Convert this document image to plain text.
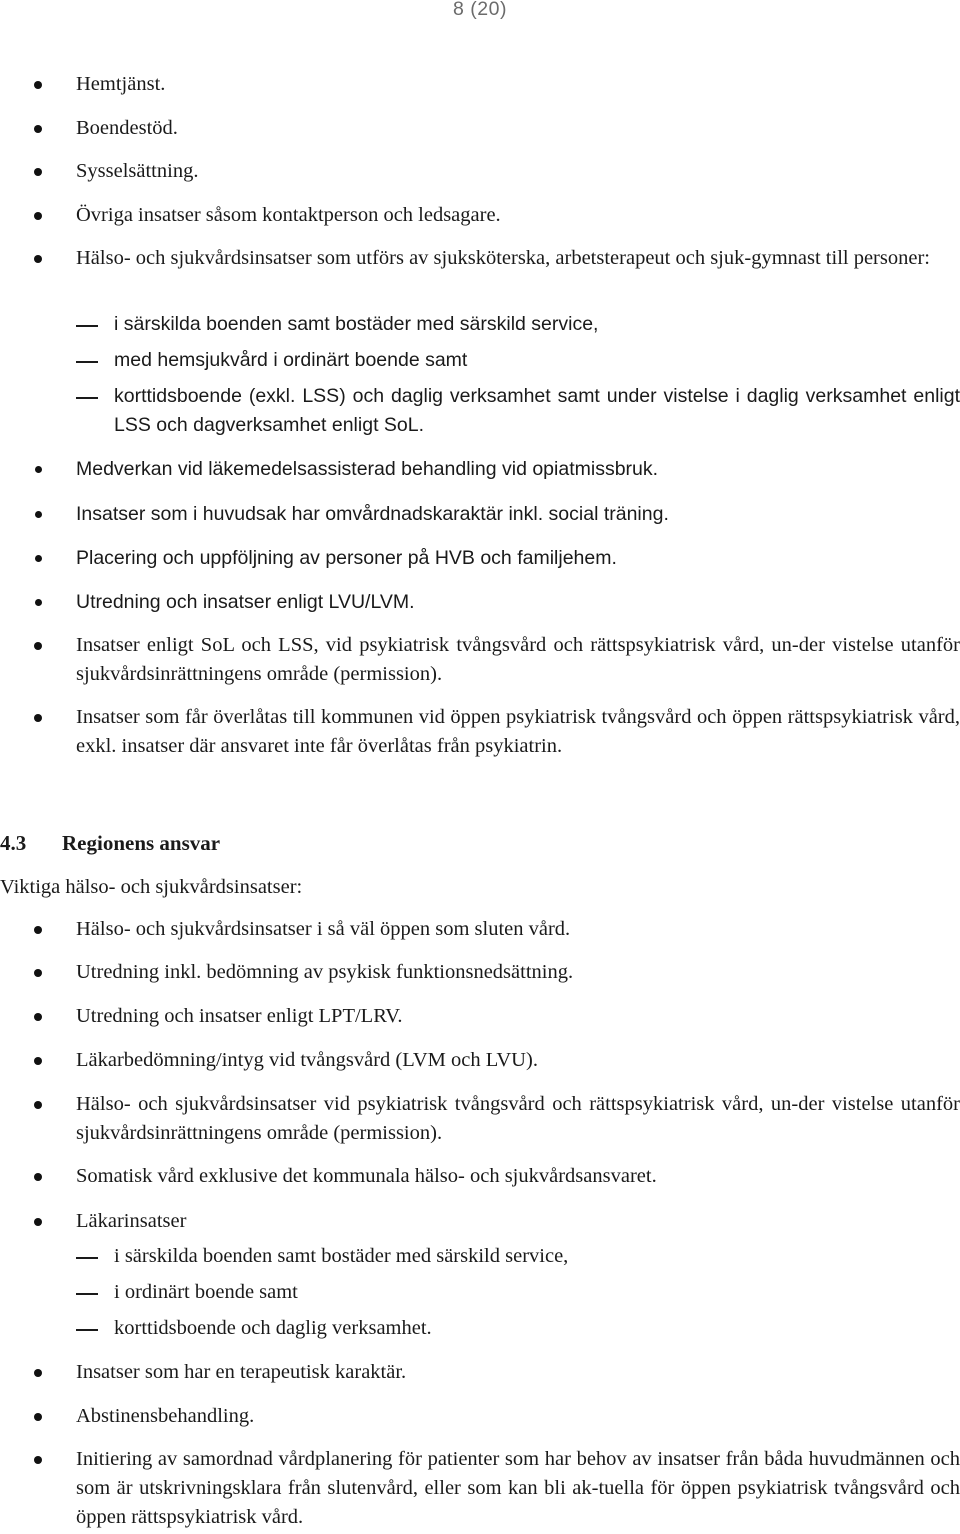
8 (20)
Hemtjänst.
Boendestöd.
Sysselsättning.
Övriga insatser såsom kontaktperson och ledsagare.
Hälso- och sjukvårdsinsatser som utförs av sjuksköterska, arbetsterapeut och sjuk-gymnast till personer:
i särskilda boenden samt bostäder med särskild service,
med hemsjukvård i ordinärt boende samt
korttidsboende (exkl. LSS) och daglig verksamhet samt under vistelse i daglig verksamhet enligt LSS och dagverksamhet enligt SoL.
Medverkan vid läkemedelsassisterad behandling vid opiatmissbruk.
Insatser som i huvudsak har omvårdnadskaraktär inkl. social träning.
Placering och uppföljning av personer på HVB och familjehem.
Utredning och insatser enligt LVU/LVM.
Insatser enligt SoL och LSS, vid psykiatrisk tvångsvård och rättspsykiatrisk vård, un-der vistelse utanför sjukvårdsinrättningens område (permission).
Insatser som får överlåtas till kommunen vid öppen psykiatrisk tvångsvård och öppen rättspsykiatrisk vård, exkl. insatser där ansvaret inte får överlåtas från psykiatrin.
4.3 Regionens ansvar
Viktiga hälso- och sjukvårdsinsatser:
Hälso- och sjukvårdsinsatser i så väl öppen som sluten vård.
Utredning inkl. bedömning av psykisk funktionsnedsättning.
Utredning och insatser enligt LPT/LRV.
Läkarbedömning/intyg vid tvångsvård (LVM och LVU).
Hälso- och sjukvårdsinsatser vid psykiatrisk tvångsvård och rättspsykiatrisk vård, un-der vistelse utanför sjukvårdsinrättningens område (permission).
Somatisk vård exklusive det kommunala hälso- och sjukvårdsansvaret.
Läkarinsatser
i särskilda boenden samt bostäder med särskild service,
i ordinärt boende samt
korttidsboende och daglig verksamhet.
Insatser som har en terapeutisk karaktär.
Abstinensbehandling.
Initiering av samordnad vårdplanering för patienter som har behov av insatser från båda huvudmännen och som är utskrivningsklara från slutenvård, eller som kan bli ak-tuella för öppen psykiatrisk tvångsvård och öppen rättspsykiatrisk vård.
